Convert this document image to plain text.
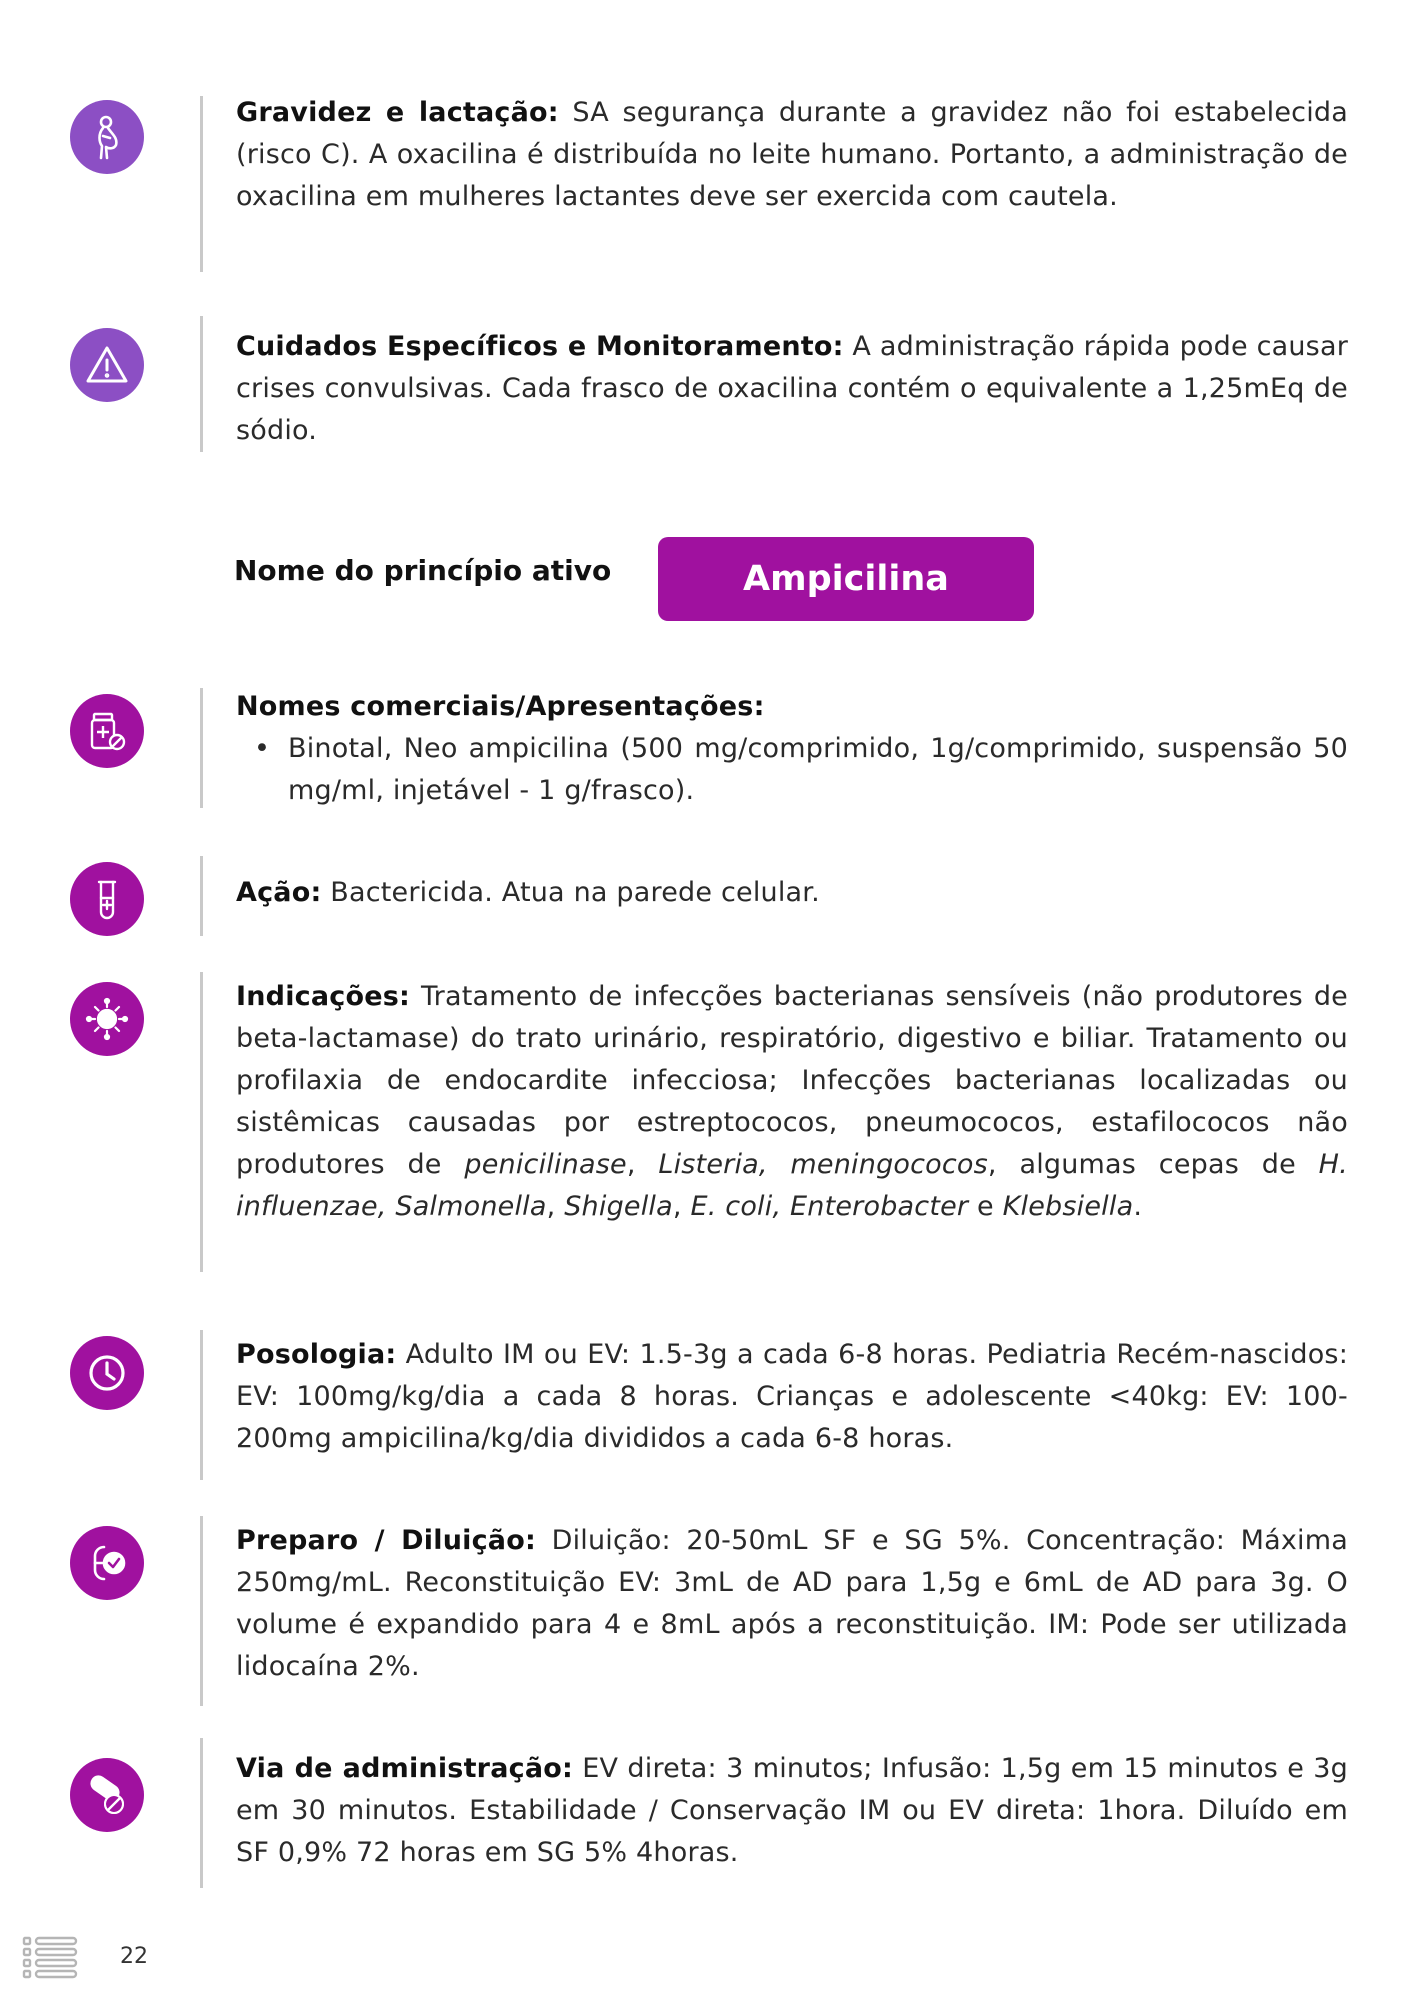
Gravidez e lactação: SA segurança durante a gravidez não foi estabelecida (risco C). A oxacilina é distribuída no leite humano. Portanto, a administração de oxacilina em mulheres lactantes deve ser exercida com cautela.

Cuidados Específicos e Monitoramento: A administração rápida pode causar crises convulsivas. Cada frasco de oxacilina contém o equivalente a 1,25mEq de sódio.

Nome do princípio ativo	Ampicilina
Nomes comerciais/Apresentações:
• Binotal, Neo ampicilina (500 mg/comprimido, 1g/comprimido, suspensão 50 mg/ml, injetável - 1 g/frasco).

Ação: Bactericida. Atua na parede celular.

Indicações: Tratamento de infecções bacterianas sensíveis (não produtores de beta-lactamase) do trato urinário, respiratório, digestivo e biliar. Tratamento ou profilaxia de endocardite infecciosa; Infecções bacterianas localizadas ou sistêmicas causadas por estreptococos, pneumococos, estafilococos não produtores de penicilinase, Listeria, meningococos, algumas cepas de H. influenzae, Salmonella, Shigella, E. coli, Enterobacter e Klebsiella.

Posologia: Adulto IM ou EV: 1.5-3g a cada 6-8 horas. Pediatria Recém-nascidos: EV: 100mg/kg/dia a cada 8 horas. Crianças e adolescente <40kg: EV: 100-200mg ampicilina/kg/dia divididos a cada 6-8 horas.

Preparo / Diluição: Diluição: 20-50mL SF e SG 5%. Concentração: Máxima 250mg/mL. Reconstituição EV: 3mL de AD para 1,5g e 6mL de AD para 3g. O volume é expandido para 4 e 8mL após a reconstituição. IM: Pode ser utilizada lidocaína 2%.

Via de administração: EV direta: 3 minutos; Infusão: 1,5g em 15 minutos e 3g em 30 minutos. Estabilidade / Conservação IM ou EV direta: 1hora. Diluído em SF 0,9% 72 horas em SG 5% 4horas.

22
